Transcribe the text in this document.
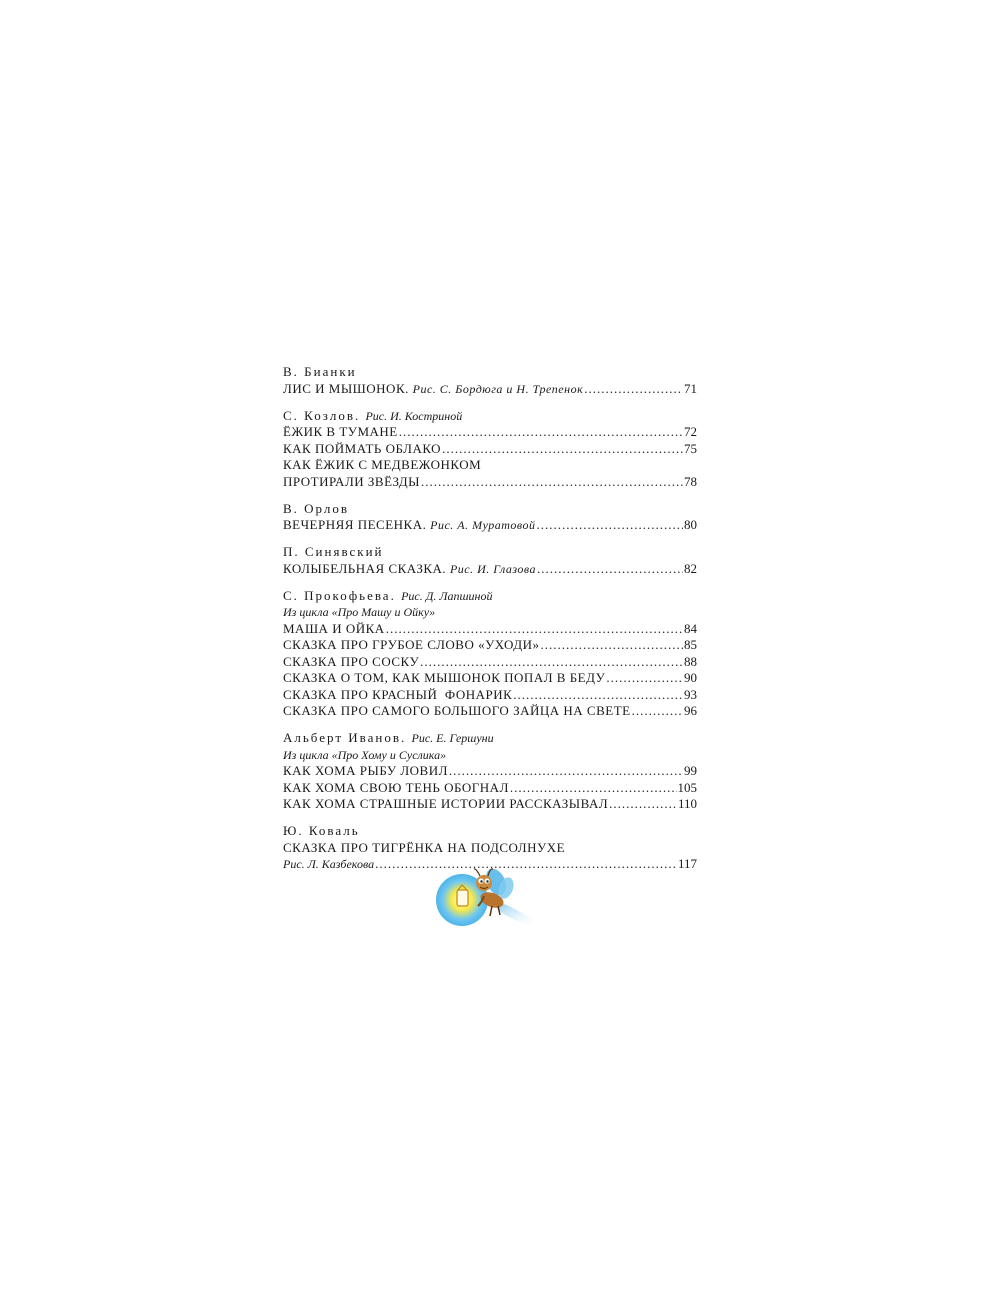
В. Бианки
ЛИС И МЫШОНОК. Рис. С. Бордюга и Н. Трепенок .....	71
С. Козлов. Рис. И. Костриной
ЁЖИК В ТУМАНЕ .....	72
КАК ПОЙМАТЬ ОБЛАКО .....	75
КАК ЁЖИК С МЕДВЕЖОНКОМ
ПРОТИРАЛИ ЗВЁЗДЫ .....	78
В. Орлов
ВЕЧЕРНЯЯ ПЕСЕНКА. Рис. А. Муратовой .....	80
П. Синявский
КОЛЫБЕЛЬНАЯ СКАЗКА. Рис. И. Глазова .....	82
С. Прокофьева. Рис. Д. Лапшиной
Из цикла «Про Машу и Ойку»
МАША И ОЙКА .....	84
СКАЗКА ПРО ГРУБОЕ СЛОВО «УХОДИ» .....	85
СКАЗКА ПРО СОСКУ .....	88
СКАЗКА О ТОМ, КАК МЫШОНОК ПОПАЛ В БЕДУ .....	90
СКАЗКА ПРО КРАСНЫЙ  ФОНАРИК .....	93
СКАЗКА ПРО САМОГО БОЛЬШОГО ЗАЙЦА НА СВЕТЕ .....	96
Альберт Иванов. Рис. Е. Гершуни
Из цикла «Про Хому и Суслика»
КАК ХОМА РЫБУ ЛОВИЛ .....	99
КАК ХОМА СВОЮ ТЕНЬ ОБОГНАЛ .....	105
КАК ХОМА СТРАШНЫЕ ИСТОРИИ РАССКАЗЫВАЛ .....	110
Ю. Коваль
СКАЗКА ПРО ТИГРЁНКА НА ПОДСОЛНУХЕ
Рис. Л. Казбекова .....	117
